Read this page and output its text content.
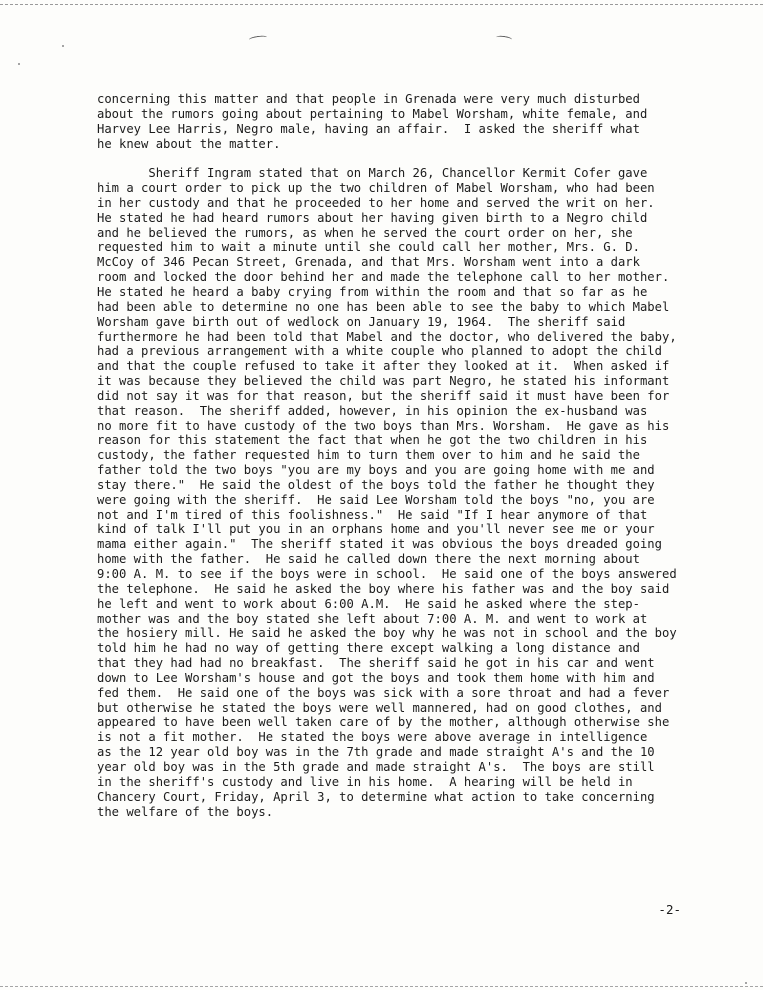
concerning this matter and that people in Grenada were very much disturbed
about the rumors going about pertaining to Mabel Worsham, white female, and
Harvey Lee Harris, Negro male, having an affair.  I asked the sheriff what
he knew about the matter.

Sheriff Ingram stated that on March 26, Chancellor Kermit Cofer gave
him a court order to pick up the two children of Mabel Worsham, who had been
in her custody and that he proceeded to her home and served the writ on her.
He stated he had heard rumors about her having given birth to a Negro child
and he believed the rumors, as when he served the court order on her, she
requested him to wait a minute until she could call her mother, Mrs. G. D.
McCoy of 346 Pecan Street, Grenada, and that Mrs. Worsham went into a dark
room and locked the door behind her and made the telephone call to her mother.
He stated he heard a baby crying from within the room and that so far as he
had been able to determine no one has been able to see the baby to which Mabel
Worsham gave birth out of wedlock on January 19, 1964.  The sheriff said
furthermore he had been told that Mabel and the doctor, who delivered the baby,
had a previous arrangement with a white couple who planned to adopt the child
and that the couple refused to take it after they looked at it.  When asked if
it was because they believed the child was part Negro, he stated his informant
did not say it was for that reason, but the sheriff said it must have been for
that reason.  The sheriff added, however, in his opinion the ex-husband was
no more fit to have custody of the two boys than Mrs. Worsham.  He gave as his
reason for this statement the fact that when he got the two children in his
custody, the father requested him to turn them over to him and he said the
father told the two boys "you are my boys and you are going home with me and
stay there."  He said the oldest of the boys told the father he thought they
were going with the sheriff.  He said Lee Worsham told the boys "no, you are
not and I'm tired of this foolishness."  He said "If I hear anymore of that
kind of talk I'll put you in an orphans home and you'll never see me or your
mama either again."  The sheriff stated it was obvious the boys dreaded going
home with the father.  He said he called down there the next morning about
9:00 A. M. to see if the boys were in school.  He said one of the boys answered
the telephone.  He said he asked the boy where his father was and the boy said
he left and went to work about 6:00 A.M.  He said he asked where the step-
mother was and the boy stated she left about 7:00 A. M. and went to work at
the hosiery mill. He said he asked the boy why he was not in school and the boy
told him he had no way of getting there except walking a long distance and
that they had had no breakfast.  The sheriff said he got in his car and went
down to Lee Worsham's house and got the boys and took them home with him and
fed them.  He said one of the boys was sick with a sore throat and had a fever
but otherwise he stated the boys were well mannered, had on good clothes, and
appeared to have been well taken care of by the mother, although otherwise she
is not a fit mother.  He stated the boys were above average in intelligence
as the 12 year old boy was in the 7th grade and made straight A's and the 10
year old boy was in the 5th grade and made straight A's.  The boys are still
in the sheriff's custody and live in his home.  A hearing will be held in
Chancery Court, Friday, April 3, to determine what action to take concerning
the welfare of the boys.
-2-
